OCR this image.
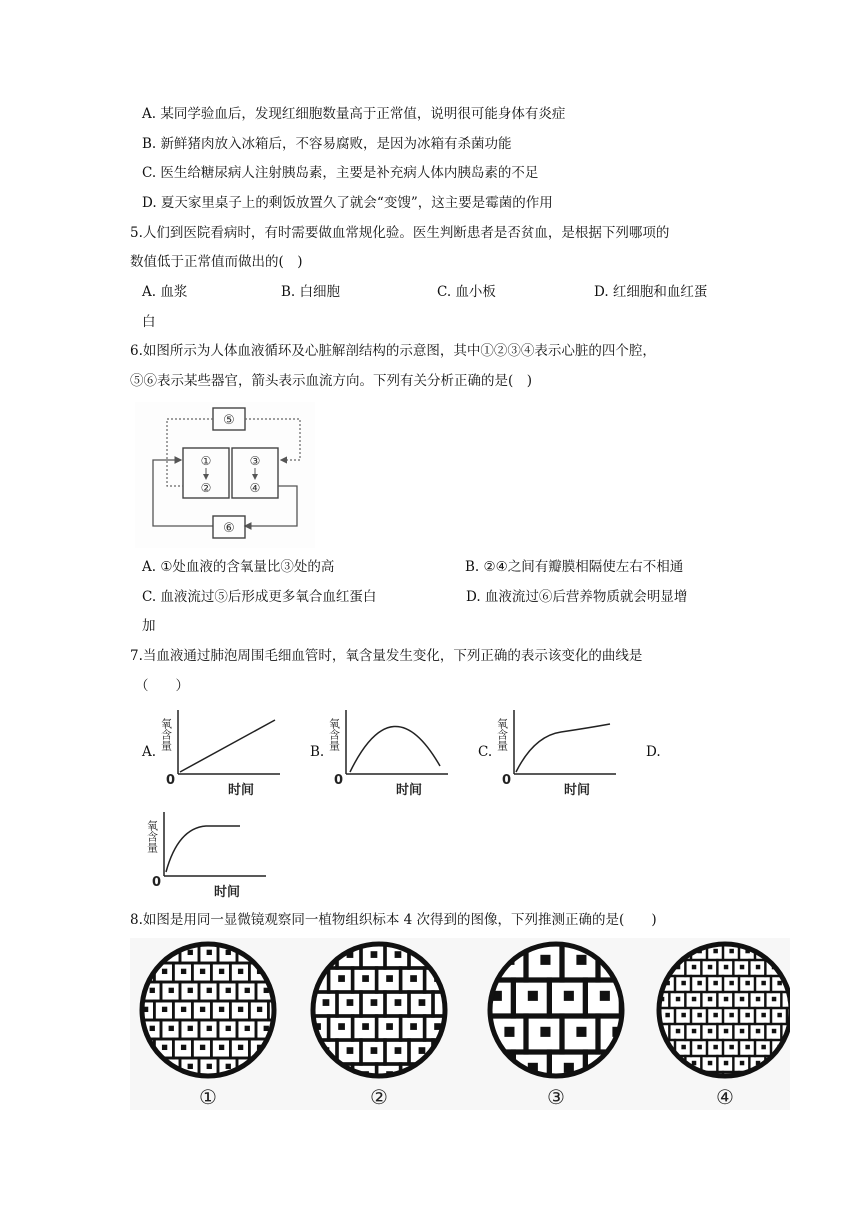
A. 某同学验血后，发现红细胞数量高于正常值，说明很可能身体有炎症
B. 新鲜猪肉放入冰箱后，不容易腐败，是因为冰箱有杀菌功能
C. 医生给糖尿病人注射胰岛素，主要是补充病人体内胰岛素的不足
D. 夏天家里桌子上的剩饭放置久了就会“变馊”，这主要是霉菌的作用
5.人们到医院看病时，有时需要做血常规化验。医生判断患者是否贫血，是根据下列哪项的
数值低于正常值而做出的(　)
A. 血浆	B. 白细胞	C. 血小板	D. 红细胞和血红蛋
白
6.如图所示为人体血液循环及心脏解剖结构的示意图，其中①②③④表示心脏的四个腔，
⑤⑥表示某些器官，箭头表示血流方向。下列有关分析正确的是(　)
⑤
①
②
③
④
⑥
A. ①处血液的含氧量比③处的高	B. ②④之间有瓣膜相隔使左右不相通
C. 血液流过⑤后形成更多氧合血红蛋白	D. 血液流过⑥后营养物质就会明显增
加
7.当血液通过肺泡周围毛细血管时，氧含量发生变化，下列正确的表示该变化的曲线是
（　　）
A.	B.	C.	D.
氧含量
0
时间
氧含量
0
时间
氧含量
0
时间
氧含量
0
时间
8.如图是用同一显微镜观察同一植物组织标本 4 次得到的图像，下列推测正确的是(　　)
①	②	③	④
